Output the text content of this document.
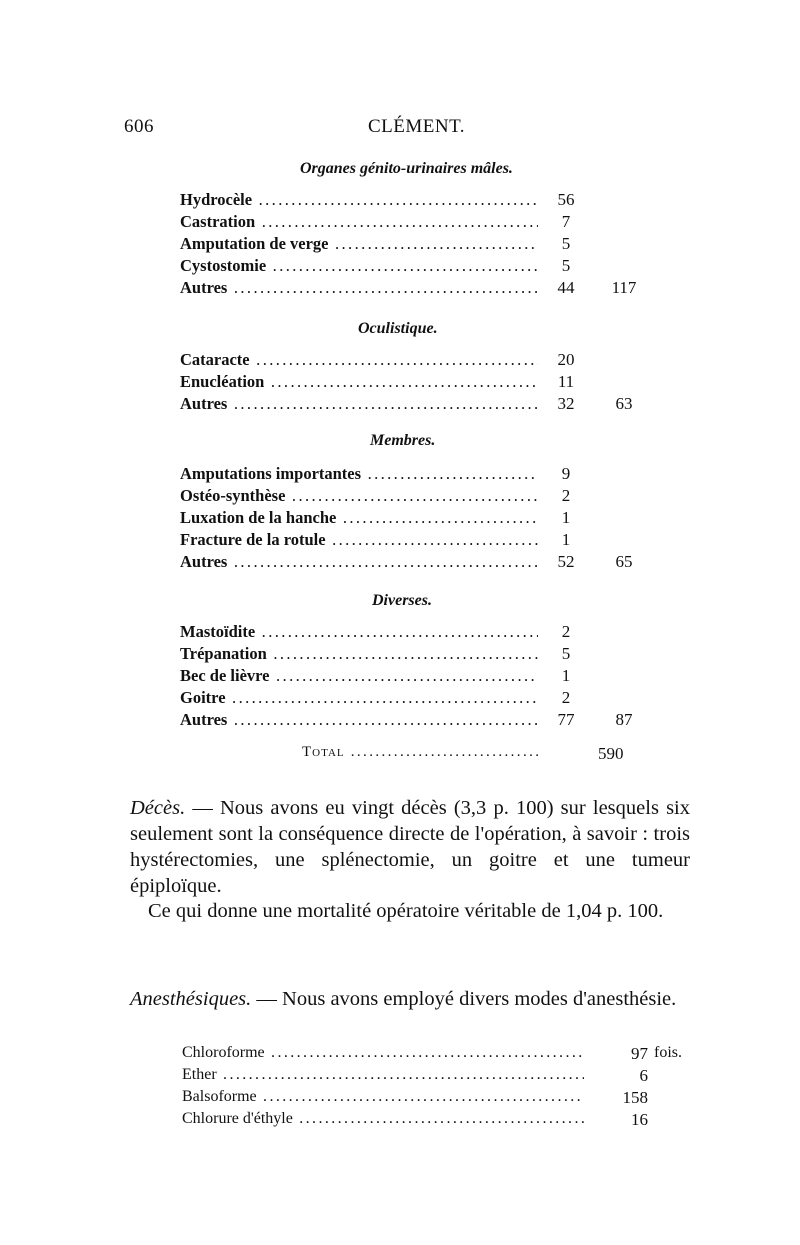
606	CLÉMENT.
Organes génito-urinaires mâles.
Hydrocèle .....	56
Castration .....	7
Amputation de verge .....	5
Cystostomie .....	5
Autres .....	44	117
Oculistique.
Cataracte .....	20
Enucléation .....	11
Autres .....	32	63
Membres.
Amputations importantes .....	9
Ostéo-synthèse .....	2
Luxation de la hanche .....	1
Fracture de la rotule .....	1
Autres .....	52	65
Diverses.
Mastoïdite .....	2
Trépanation .....	5
Bec de lièvre .....	1
Goitre .....	2
Autres .....	77	87
Total .....	590
Décès. — Nous avons eu vingt décès (3,3 p. 100) sur lesquels six seulement sont la conséquence directe de l'opération, à savoir : trois hystérectomies, une splénectomie, un goitre et une tumeur épiploïque.
Ce qui donne une mortalité opératoire véritable de 1,04 p. 100.
Anesthésiques. — Nous avons employé divers modes d'anesthésie.
Chloroforme .....	97 fois.
Ether .....	6
Balsoforme .....	158
Chlorure d'éthyle .....	16
